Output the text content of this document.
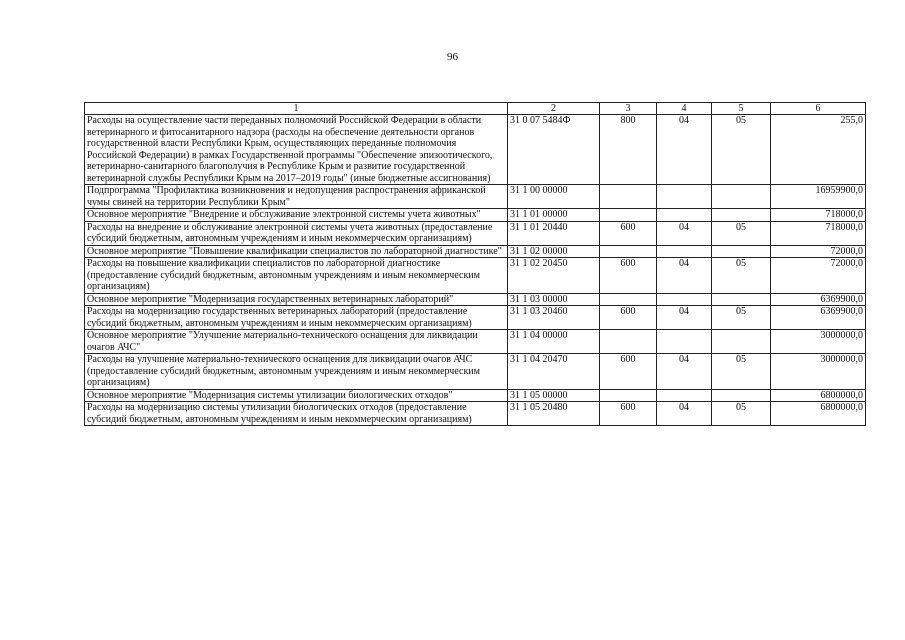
96
1	2	3	4	5	6
Расходы на осуществление части переданных полномочий Российской Федерации в области ветеринарного и фитосанитарного надзора (расходы на обеспечение деятельности органов государственной власти Республики Крым, осуществляющих переданные полномочия Российской Федерации) в рамках Государственной программы "Обеспечение эпизоотического, ветеринарно-санитарного благополучия в Республике Крым и развитие государственной ветеринарной службы Республики Крым на 2017–2019 годы" (иные бюджетные ассигнования)	31 0 07 5484Ф	800	04	05	255,0
Подпрограмма "Профилактика возникновения и недопущения распространения африканской чумы свиней на территории Республики Крым"	31 1 00 00000				16959900,0
Основное мероприятие "Внедрение и обслуживание электронной системы учета животных"	31 1 01 00000				718000,0
Расходы на внедрение и обслуживание электронной системы учета животных (предоставление субсидий бюджетным, автономным учреждениям и иным некоммерческим организациям)	31 1 01 20440	600	04	05	718000,0
Основное мероприятие "Повышение квалификации специалистов по лабораторной диагностике"	31 1 02 00000				72000,0
Расходы на повышение квалификации специалистов по лабораторной диагностике (предоставление субсидий бюджетным, автономным учреждениям и иным некоммерческим организациям)	31 1 02 20450	600	04	05	72000,0
Основное мероприятие "Модернизация государственных ветеринарных лабораторий"	31 1 03 00000				6369900,0
Расходы на модернизацию государственных ветеринарных лабораторий (предоставление субсидий бюджетным, автономным учреждениям и иным некоммерческим организациям)	31 1 03 20460	600	04	05	6369900,0
Основное мероприятие "Улучшение материально-технического оснащения для ликвидации очагов АЧС"	31 1 04 00000				3000000,0
Расходы на улучшение материально-технического оснащения для ликвидации очагов АЧС (предоставление субсидий бюджетным, автономным учреждениям и иным некоммерческим организациям)	31 1 04 20470	600	04	05	3000000,0
Основное мероприятие "Модернизация системы утилизации биологических отходов"	31 1 05 00000				6800000,0
Расходы на модернизацию системы утилизации биологических отходов (предоставление субсидий бюджетным, автономным учреждениям и иным некоммерческим организациям)	31 1 05 20480	600	04	05	6800000,0
